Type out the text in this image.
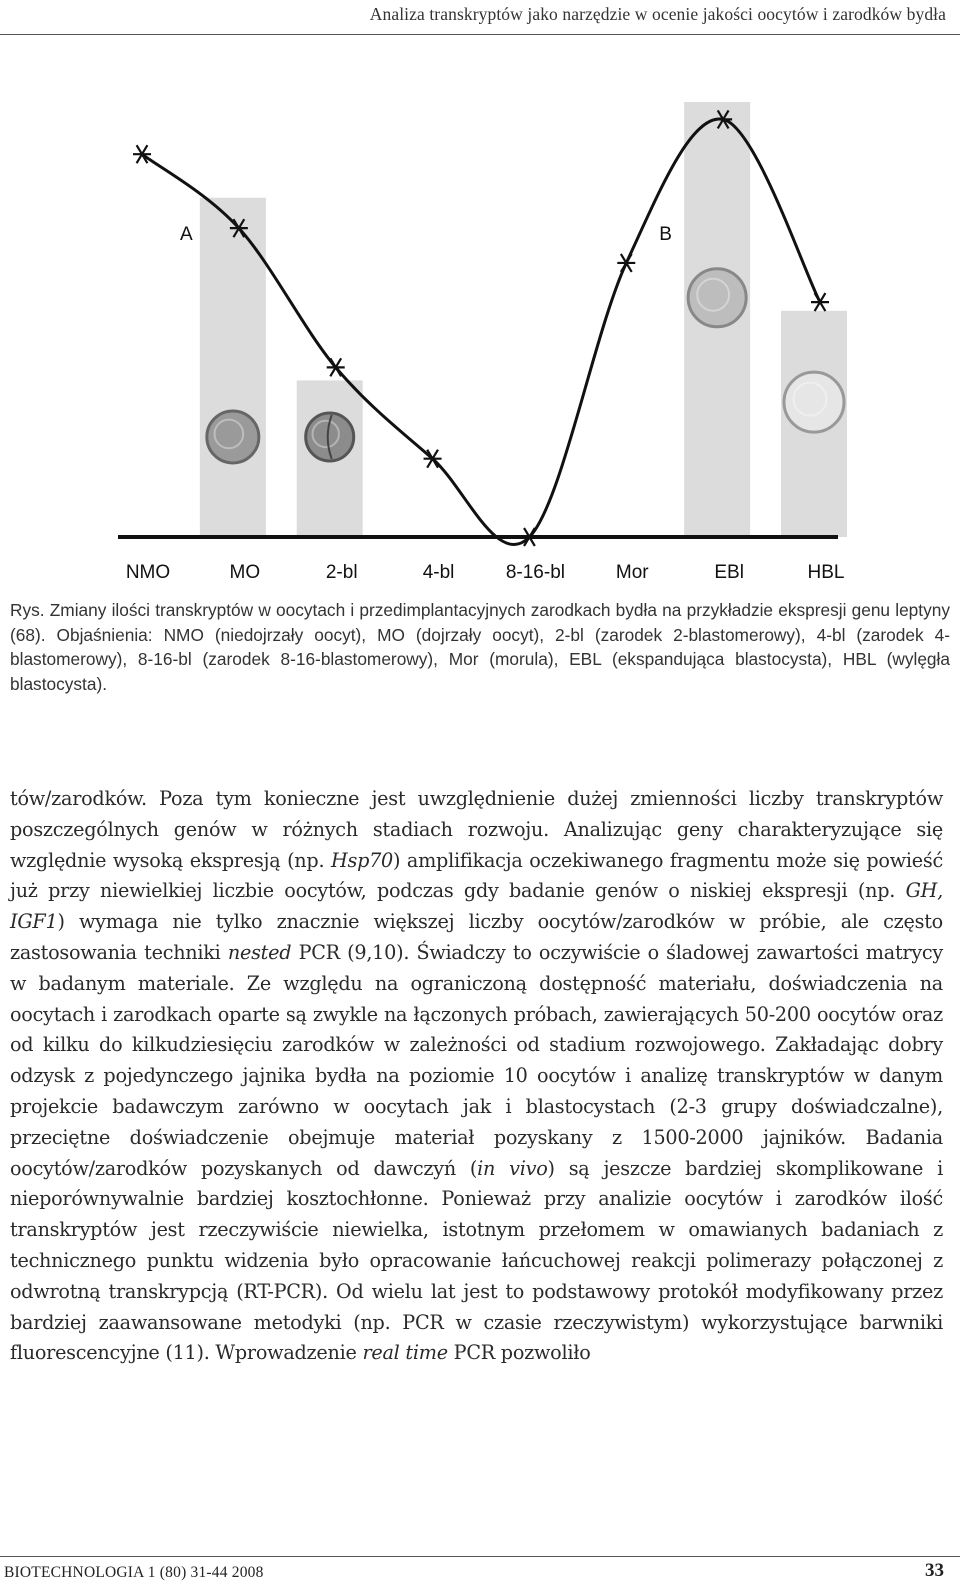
Analiza transkryptów jako narzędzie w ocenie jakości oocytów i zarodków bydła
A	B
NMO	MO	2-bl	4-bl	8-16-bl	Mor	EBl	HBL

Rys. Zmiany ilości transkryptów w oocytach i przedimplantacyjnych zarodkach bydła na przykładzie ekspresji genu leptyny (68). Objaśnienia: NMO (niedojrzały oocyt), MO (dojrzały oocyt), 2-bl (zarodek 2-blastomerowy), 4-bl (zarodek 4-blastomerowy), 8-16-bl (zarodek 8-16-blastomerowy), Mor (morula), EBL (ekspandująca blastocysta), HBL (wylęgła blastocysta).

tów/zarodków. Poza tym konieczne jest uwzględnienie dużej zmienności liczby transkryptów poszczególnych genów w różnych stadiach rozwoju. Analizując geny charakteryzujące się względnie wysoką ekspresją (np. Hsp70) amplifikacja oczekiwanego fragmentu może się powieść już przy niewielkiej liczbie oocytów, podczas gdy badanie genów o niskiej ekspresji (np. GH, IGF1) wymaga nie tylko znacznie większej liczby oocytów/zarodków w próbie, ale często zastosowania techniki nested PCR (9,10). Świadczy to oczywiście o śladowej zawartości matrycy w badanym materiale. Ze względu na ograniczoną dostępność materiału, doświadczenia na oocytach i zarodkach oparte są zwykle na łączonych próbach, zawierających 50-200 oocytów oraz od kilku do kilkudziesięciu zarodków w zależności od stadium rozwojowego. Zakładając dobry odzysk z pojedynczego jajnika bydła na poziomie 10 oocytów i analizę transkryptów w danym projekcie badawczym zarówno w oocytach jak i blastocystach (2-3 grupy doświadczalne), przeciętne doświadczenie obejmuje materiał pozyskany z 1500-2000 jajników. Badania oocytów/zarodków pozyskanych od dawczyń (in vivo) są jeszcze bardziej skomplikowane i nieporównywalnie bardziej kosztochłonne. Ponieważ przy analizie oocytów i zarodków ilość transkryptów jest rzeczywiście niewielka, istotnym przełomem w omawianych badaniach z technicznego punktu widzenia było opracowanie łańcuchowej reakcji polimerazy połączonej z odwrotną transkrypcją (RT-PCR). Od wielu lat jest to podstawowy protokół modyfikowany przez bardziej zaawansowane metodyki (np. PCR w czasie rzeczywistym) wykorzystujące barwniki fluorescencyjne (11). Wprowadzenie real time PCR pozwoliło

BIOTECHNOLOGIA 1 (80) 31-44 2008	33
